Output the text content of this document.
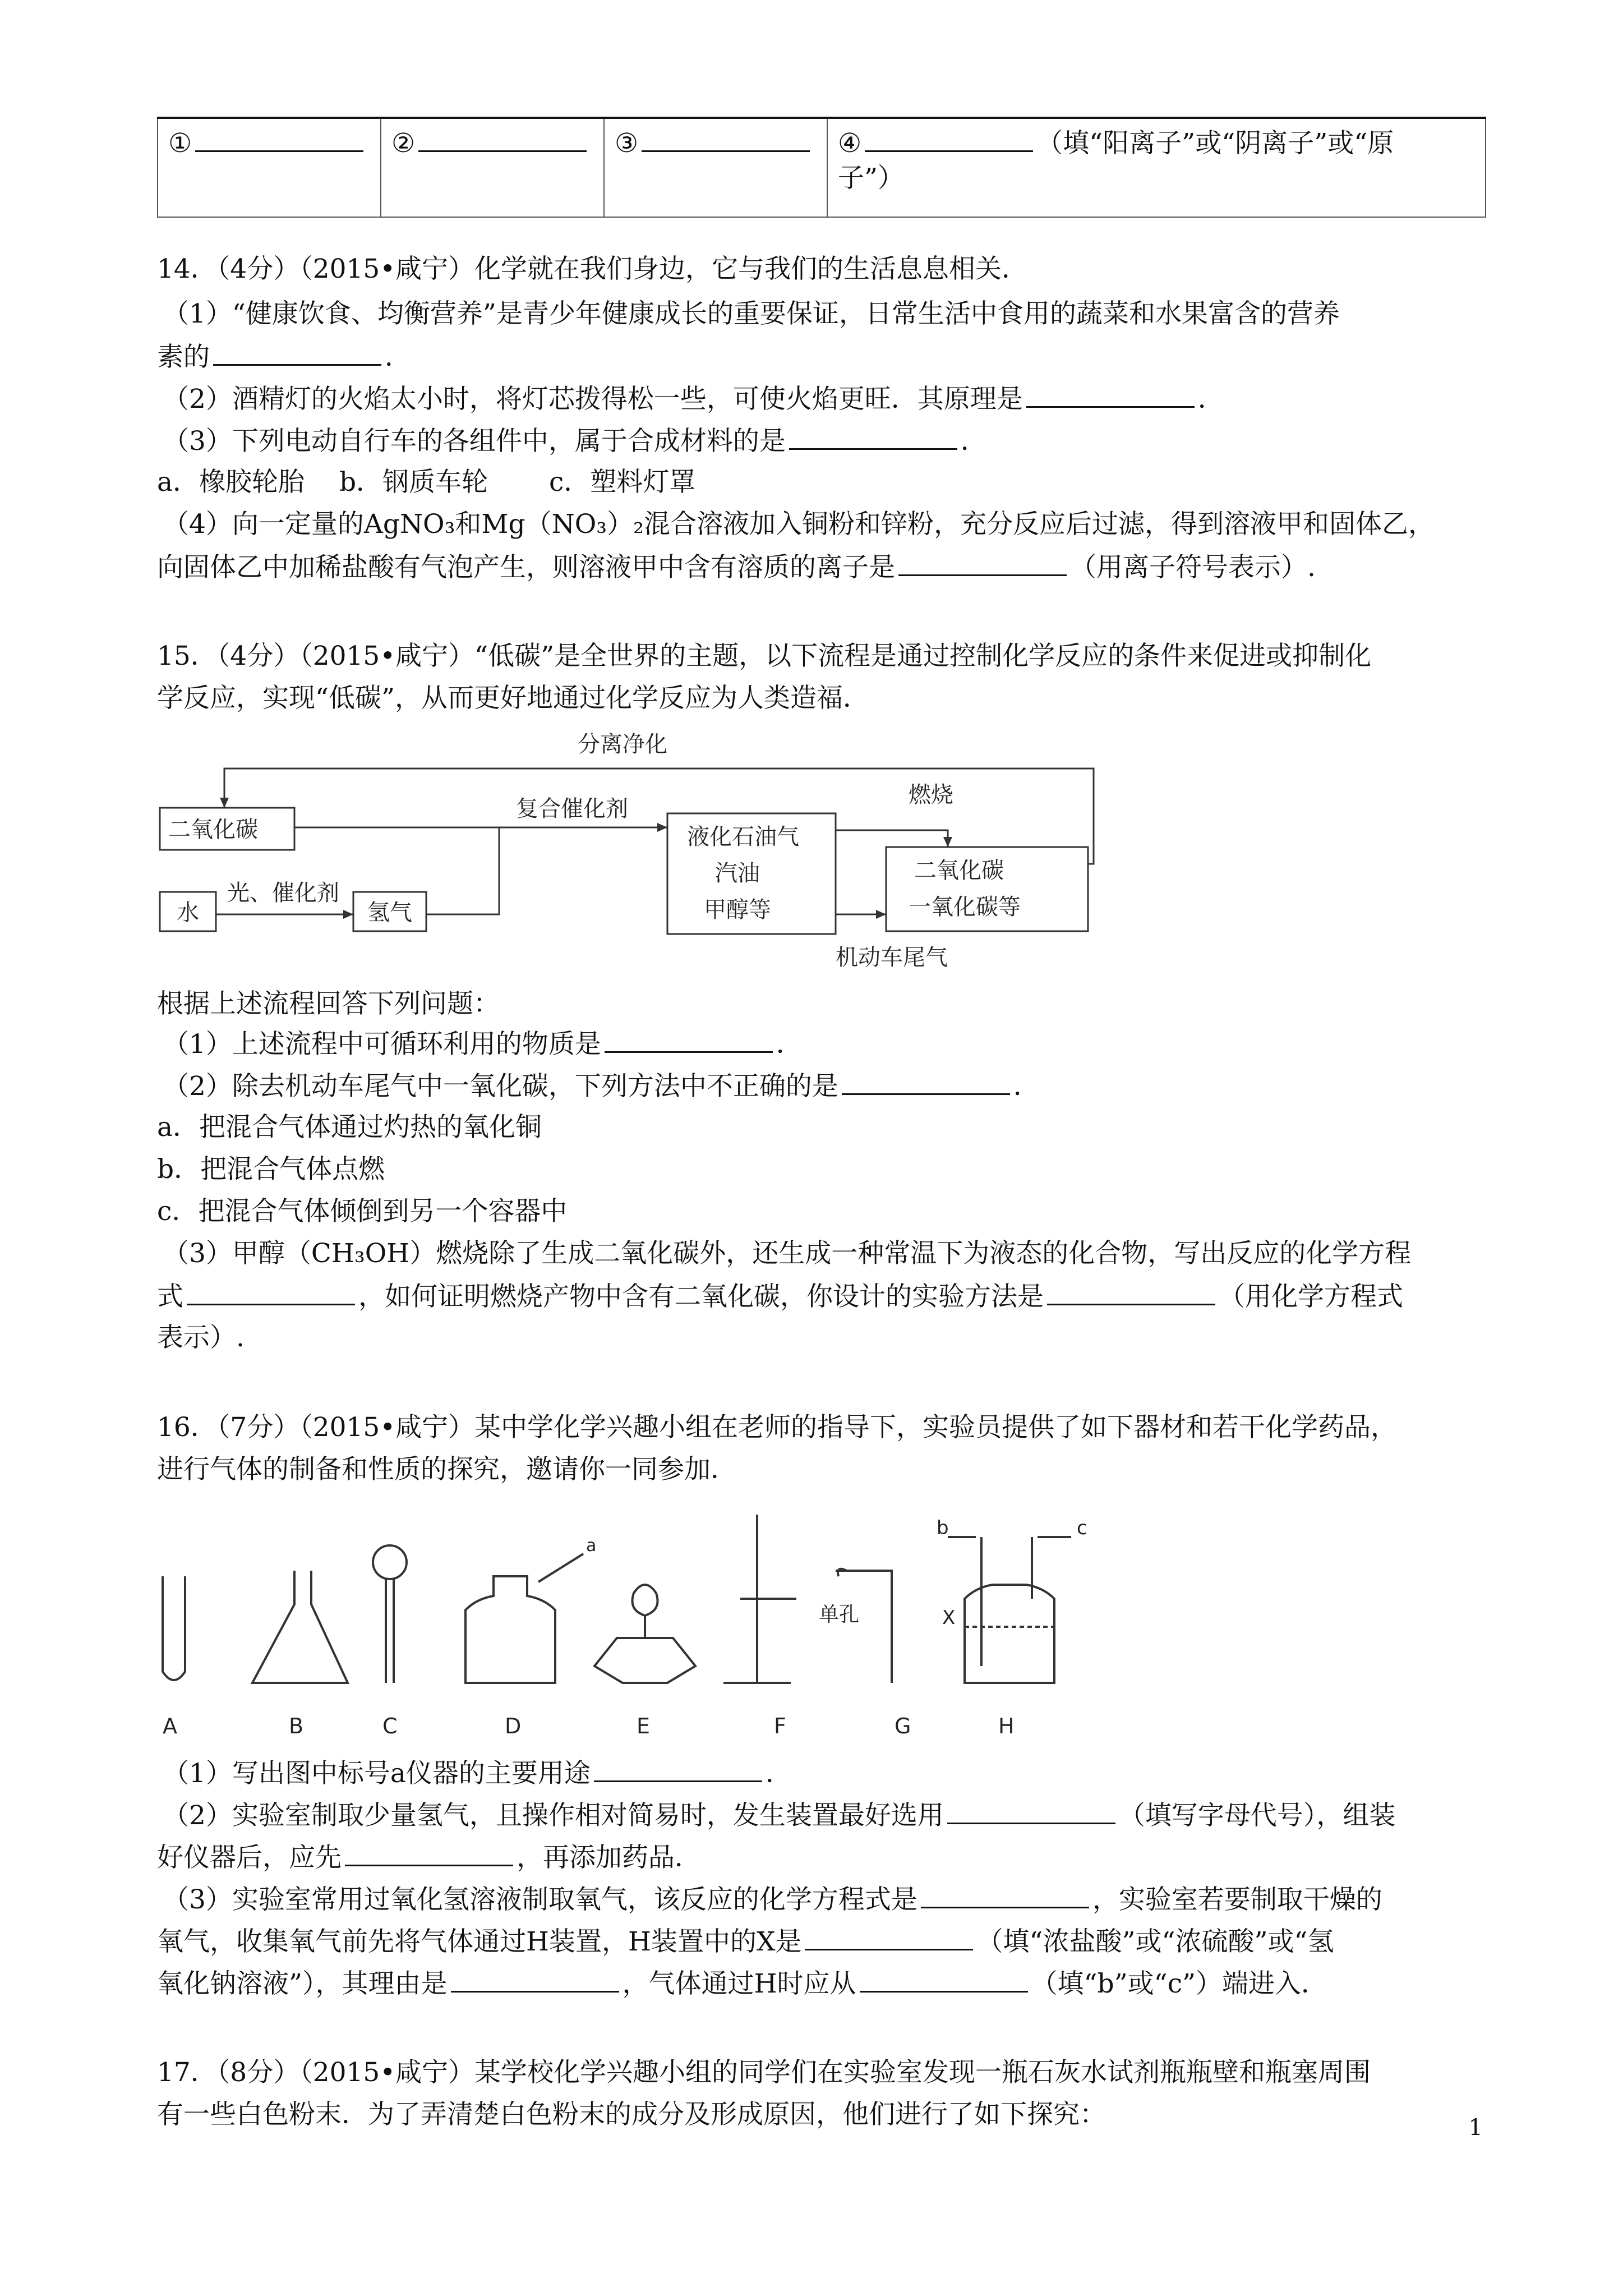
①	②	③	④	（填“阳离子”或“阴离子”或“原
子”）
14．（4分）（2015•咸宁）化学就在我们身边，它与我们的生活息息相关．
（1）“健康饮食、均衡营养”是青少年健康成长的重要保证，日常生活中食用的蔬菜和水果富含的营养
素的	．
（2）酒精灯的火焰太小时，将灯芯拨得松一些，可使火焰更旺．其原理是	．
（3）下列电动自行车的各组件中，属于合成材料的是	．
a．橡胶轮胎　 b．钢质车轮　　 c．塑料灯罩
（4）向一定量的AgNO₃和Mg（NO₃）₂混合溶液加入铜粉和锌粉，充分反应后过滤，得到溶液甲和固体乙，
向固体乙中加稀盐酸有气泡产生，则溶液甲中含有溶质的离子是	（用离子符号表示）.
15．（4分）（2015•咸宁）“低碳”是全世界的主题，以下流程是通过控制化学反应的条件来促进或抑制化
学反应，实现“低碳”，从而更好地通过化学反应为人类造福．
分离净化
燃烧
二氧化碳
复合催化剂
液化石油气
汽油
甲醇等
二氧化碳
一氧化碳等
水
光、催化剂
氢气
机动车尾气
根据上述流程回答下列问题：
（1）上述流程中可循环利用的物质是	．
（2）除去机动车尾气中一氧化碳，下列方法中不正确的是	．
a．把混合气体通过灼热的氧化铜
b．把混合气体点燃
c．把混合气体倾倒到另一个容器中
（3）甲醇（CH₃OH）燃烧除了生成二氧化碳外，还生成一种常温下为液态的化合物，写出反应的化学方程
式	，如何证明燃烧产物中含有二氧化碳，你设计的实验方法是	（用化学方程式
表示）.
16．（7分）（2015•咸宁）某中学化学兴趣小组在老师的指导下，实验员提供了如下器材和若干化学药品，
进行气体的制备和性质的探究，邀请你一同参加．
A	B	C	D	E	F	G	H
a
b	c
X
单孔
（1）写出图中标号a仪器的主要用途	．
（2）实验室制取少量氢气，且操作相对简易时，发生装置最好选用	（填写字母代号），组装
好仪器后，应先	，再添加药品．
（3）实验室常用过氧化氢溶液制取氧气，该反应的化学方程式是	，实验室若要制取干燥的
氧气，收集氧气前先将气体通过H装置，H装置中的X是	（填“浓盐酸”或“浓硫酸”或“氢
氧化钠溶液”），其理由是	，气体通过H时应从	（填“b”或“c”）端进入．
17．（8分）（2015•咸宁）某学校化学兴趣小组的同学们在实验室发现一瓶石灰水试剂瓶瓶壁和瓶塞周围
有一些白色粉末．为了弄清楚白色粉末的成分及形成原因，他们进行了如下探究：	1
